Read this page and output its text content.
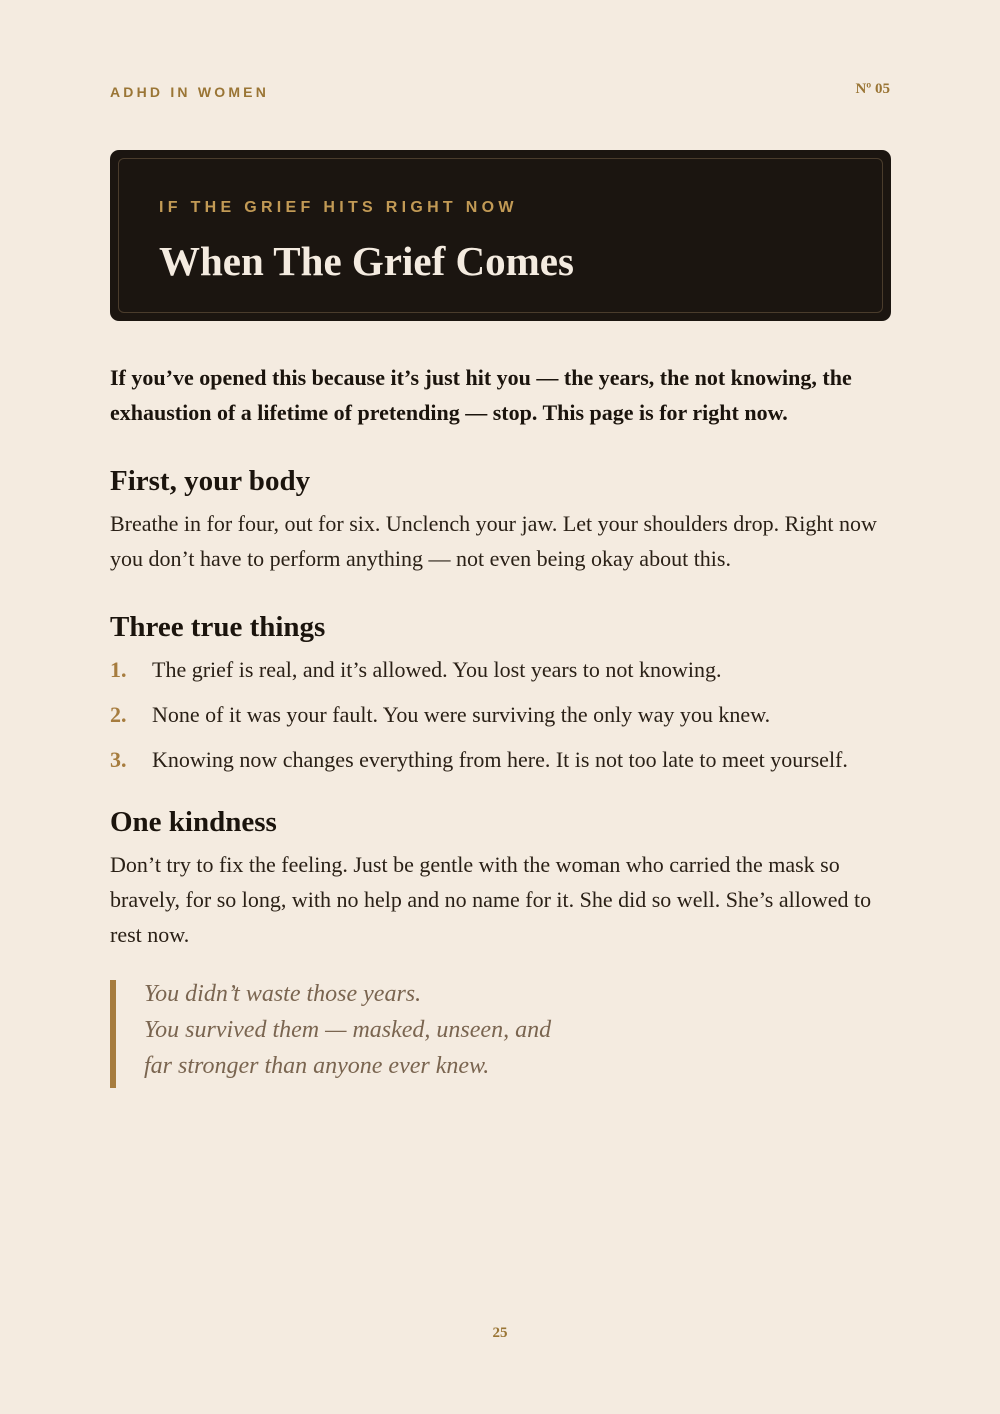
ADHD IN WOMEN	Nº 05
IF THE GRIEF HITS RIGHT NOW
When The Grief Comes

If you’ve opened this because it’s just hit you — the years, the not knowing, the exhaustion of a lifetime of pretending — stop. This page is for right now.

First, your body

Breathe in for four, out for six. Unclench your jaw. Let your shoulders drop. Right now you don’t have to perform anything — not even being okay about this.

Three true things
1.	The grief is real, and it’s allowed. You lost years to not knowing.
2.	None of it was your fault. You were surviving the only way you knew.
3.	Knowing now changes everything from here. It is not too late to meet yourself.
One kindness

Don’t try to fix the feeling. Just be gentle with the woman who carried the mask so bravely, for so long, with no help and no name for it. She did so well. She’s allowed to rest now.

You didn’t waste those years.
You survived them — masked, unseen, and
far stronger than anyone ever knew.
25
